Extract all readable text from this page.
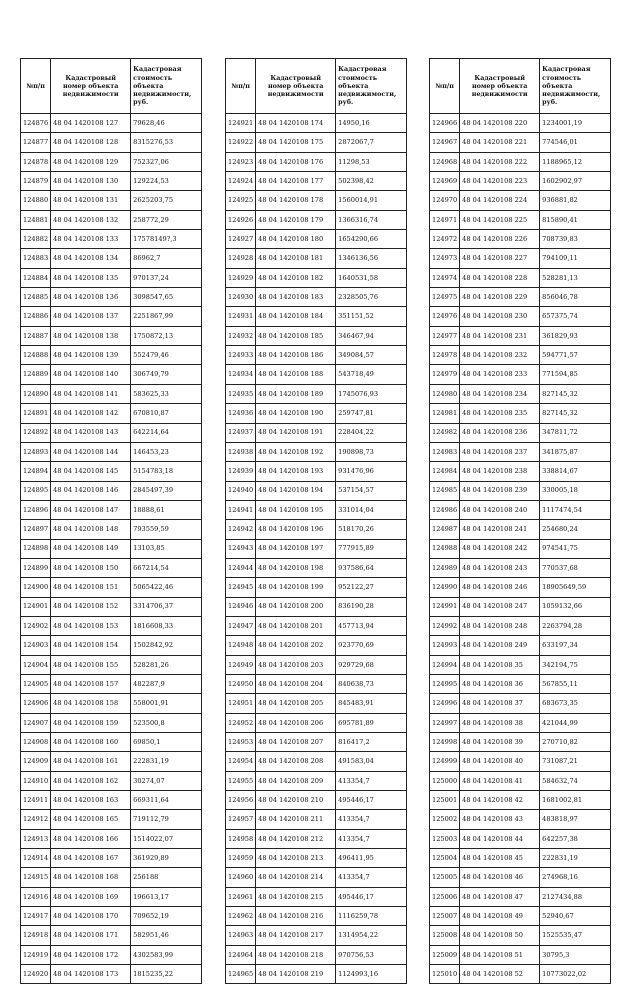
№п/п	Кадастровый номер объекта недвижимости	Кадастровая стоимость объекта недвижимости, руб.
124876	48 04 1420108 127	79628,46
124877	48 04 1420108 128	8315276,53
124878	48 04 1420108 129	752327,06
124879	48 04 1420108 130	129224,53
124880	48 04 1420108 131	2625203,75
124881	48 04 1420108 132	258772,29
124882	48 04 1420108 133	17578149?,3
124883	48 04 1420108 134	86962,7
124884	48 04 1420108 135	970137,24
124885	48 04 1420108 136	3098547,65
124886	48 04 1420108 137	2251867,99
124887	48 04 1420108 138	1750872,13
124888	48 04 1420108 139	552479,46
124889	48 04 1420108 140	306749,79
124890	48 04 1420108 141	583625,33
124891	48 04 1420108 142	670810,87
124892	48 04 1420108 143	642214,64
124893	48 04 1420108 144	146453,23
124894	48 04 1420108 145	5154783,18
124895	48 04 1420108 146	2845497,39
124896	48 04 1420108 147	18888,61
124897	48 04 1420108 148	793559,59
124898	48 04 1420108 149	13103,85
124899	48 04 1420108 150	667214,54
124900	48 04 1420108 151	5065422,46
124901	48 04 1420108 152	3314706,37
124902	48 04 1420108 153	1816608,33
124903	48 04 1420108 154	1502842,92
124904	48 04 1420108 155	528281,26
124905	48 04 1420108 157	482287,9
124906	48 04 1420108 158	558001,91
124907	48 04 1420108 159	523500,8
124908	48 04 1420108 160	69850,1
124909	48 04 1420108 161	222831,19
124910	48 04 1420108 162	30274,07
124911	48 04 1420108 163	669311,64
124912	48 04 1420108 165	719112,79
124913	48 04 1420108 166	1514022,07
124914	48 04 1420108 167	361929,89
124915	48 04 1420108 168	256188
124916	48 04 1420108 169	196613,17
124917	48 04 1420108 170	709652,19
124918	48 04 1420108 171	582951,46
124919	48 04 1420108 172	4302583,99
124920	48 04 1420108 173	1815235,22
№п/п	Кадастровый номер объекта недвижимости	Кадастровая стоимость объекта недвижимости, руб.
124921	48 04 1420108 174	14950,16
124922	48 04 1420108 175	2872067,7
124923	48 04 1420108 176	11298,53
124924	48 04 1420108 177	502398,42
124925	48 04 1420108 178	1560014,91
124926	48 04 1420108 179	1366316,74
124927	48 04 1420108 180	1654290,66
124928	48 04 1420108 181	1346136,56
124929	48 04 1420108 182	1640531,58
124930	48 04 1420108 183	2328505,76
124931	48 04 1420108 184	351151,52
124932	48 04 1420108 185	346467,94
124933	48 04 1420108 186	349084,57
124934	48 04 1420108 188	543718,49
124935	48 04 1420108 189	1745076,93
124936	48 04 1420108 190	259747,81
124937	48 04 1420108 191	228404,22
124938	48 04 1420108 192	190898,73
124939	48 04 1420108 193	931476,96
124940	48 04 1420108 194	537154,57
124941	48 04 1420108 195	331014,04
124942	48 04 1420108 196	518170,26
124943	48 04 1420108 197	777915,89
124944	48 04 1420108 198	937586,64
124945	48 04 1420108 199	952122,27
124946	48 04 1420108 200	836190,28
124947	48 04 1420108 201	457713,94
124948	48 04 1420108 202	923770,69
124949	48 04 1420108 203	929729,68
124950	48 04 1420108 204	840638,73
124951	48 04 1420108 205	845483,91
124952	48 04 1420108 206	695781,89
124953	48 04 1420108 207	816417,2
124954	48 04 1420108 208	491583,04
124955	48 04 1420108 209	413354,7
124956	48 04 1420108 210	495446,17
124957	48 04 1420108 211	413354,7
124958	48 04 1420108 212	413354,7
124959	48 04 1420108 213	496411,95
124960	48 04 1420108 214	413354,7
124961	48 04 1420108 215	495446,17
124962	48 04 1420108 216	1116259,78
124963	48 04 1420108 217	1314954,22
124964	48 04 1420108 218	970756,53
124965	48 04 1420108 219	1124993,16
№п/п	Кадастровый номер объекта недвижимости	Кадастровая стоимость объекта недвижимости, руб.
124966	48 04 1420108 220	1234001,19
124967	48 04 1420108 221	774546,01
124968	48 04 1420108 222	1188965,12
124969	48 04 1420108 223	1602902,97
124970	48 04 1420108 224	936881,82
124971	48 04 1420108 225	815890,41
124972	48 04 1420108 226	708739,83
124973	48 04 1420108 227	794109,11
124974	48 04 1420108 228	528281,13
124975	48 04 1420108 229	856046,78
124976	48 04 1420108 230	657375,74
124977	48 04 1420108 231	361829,93
124978	48 04 1420108 232	594771,57
124979	48 04 1420108 233	771594,85
124980	48 04 1420108 234	827145,32
124981	48 04 1420108 235	827145,32
124982	48 04 1420108 236	347811,72
124983	48 04 1420108 237	341875,87
124984	48 04 1420108 238	338814,67
124985	48 04 1420108 239	330005,18
124986	48 04 1420108 240	1117474,54
124987	48 04 1420108 241	254680,24
124988	48 04 1420108 242	974541,75
124989	48 04 1420108 243	770537,68
124990	48 04 1420108 246	18905649,59
124991	48 04 1420108 247	1059132,66
124992	48 04 1420108 248	2263794,28
124993	48 04 1420108 249	633197,34
124994	48 04 1420108 35	342194,75
124995	48 04 1420108 36	567855,11
124996	48 04 1420108 37	683673,35
124997	48 04 1420108 38	421044,99
124998	48 04 1420108 39	270710,82
124999	48 04 1420108 40	731087,21
125000	48 04 1420108 41	584632,74
125001	48 04 1420108 42	1681002,81
125002	48 04 1420108 43	483818,97
125003	48 04 1420108 44	642257,38
125004	48 04 1420108 45	222831,19
125005	48 04 1420108 46	274968,16
125006	48 04 1420108 47	2127434,88
125007	48 04 1420108 49	52940,67
125008	48 04 1420108 50	1525535,47
125009	48 04 1420108 51	30795,3
125010	48 04 1420108 52	10773022,02
